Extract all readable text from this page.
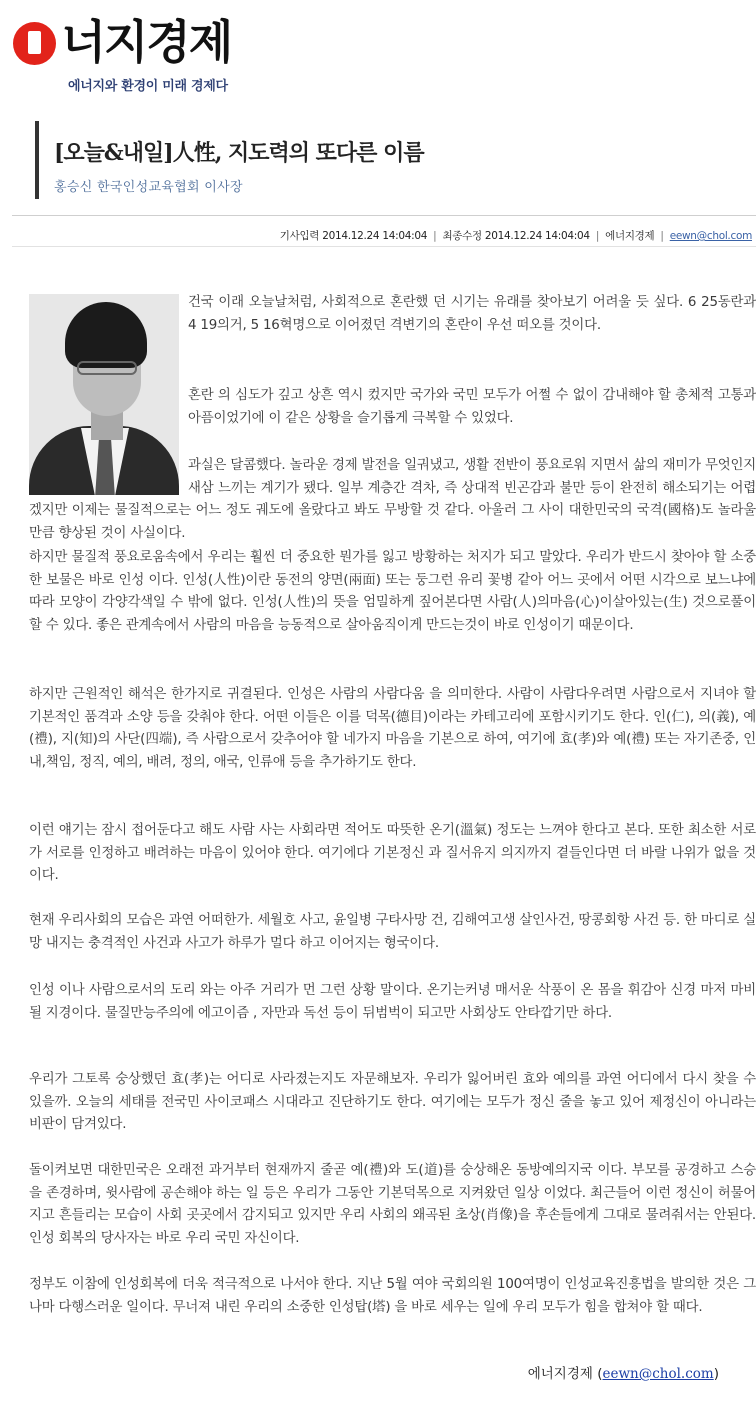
너지경제
에너지와 환경이 미래 경제다
[오늘&내일]人性, 지도력의 또다른 이름
홍승신 한국인성교육협회 이사장
기사입력 2014.12.24 14:04:04 | 최종수정 2014.12.24 14:04:04 | 에너지경제 | eewn@chol.com

건국 이래 오늘날처럼, 사회적으로 혼란했 던 시기는 유래를 찾아보기 어려울 듯 싶다. 6 25동란과 4 19의거, 5 16혁명으로 이어졌던 격변기의 혼란이 우선 떠오를 것이다.

혼란 의 심도가 깊고 상흔 역시 컸지만 국가와 국민 모두가 어쩔 수 없이 감내해야 할 총체적 고통과아픔이었기에 이 같은 상황을 슬기롭게 극복할 수 있었다.

과실은 달콤했다. 놀라운 경제 발전을 일궈냈고, 생활 전반이 풍요로워 지면서 삶의 재미가 무엇인지 새삼 느끼는 계기가 됐다. 일부 계층간 격차, 즉 상대적 빈곤감과 불만 등이 완전히 해소되기는 어렵겠지만 이제는 물질적으로는 어느 정도 궤도에 올랐다고 봐도 무방할 것 같다. 아울러 그 사이 대한민국의 국격(國格)도 놀라울 만큼 향상된 것이 사실이다.

하지만 물질적 풍요로움속에서 우리는 훨씬 더 중요한 뭔가를 잃고 방황하는 처지가 되고 말았다. 우리가 반드시 찾아야 할 소중한 보물은 바로 인성 이다. 인성(人性)이란 동전의 양면(兩面) 또는 둥그런 유리 꽃병 같아 어느 곳에서 어떤 시각으로 보느냐에 따라 모양이 각양각색일 수 밖에 없다. 인성(人性)의 뜻을 엄밀하게 짚어본다면 사람(人)의마음(心)이살아있는(生) 것으로풀이할 수 있다. 좋은 관계속에서 사람의 마음을 능동적으로 살아움직이게 만드는것이 바로 인성이기 때문이다.

하지만 근원적인 해석은 한가지로 귀결된다. 인성은 사람의 사람다움 을 의미한다. 사람이 사람다우려면 사람으로서 지녀야 할 기본적인 품격과 소양 등을 갖춰야 한다. 어떤 이들은 이를 덕목(德目)이라는 카테고리에 포함시키기도 한다. 인(仁), 의(義), 예(禮), 지(知)의 사단(四端), 즉 사람으로서 갖추어야 할 네가지 마음을 기본으로 하여, 여기에 효(孝)와 예(禮) 또는 자기존중, 인내,책임, 정직, 예의, 배려, 정의, 애국, 인류애 등을 추가하기도 한다.

이런 얘기는 잠시 접어둔다고 해도 사람 사는 사회라면 적어도 따뜻한 온기(溫氣) 정도는 느껴야 한다고 본다. 또한 최소한 서로가 서로를 인정하고 배려하는 마음이 있어야 한다. 여기에다 기본정신 과 질서유지 의지까지 곁들인다면 더 바랄 나위가 없을 것이다.

현재 우리사회의 모습은 과연 어떠한가. 세월호 사고, 윤일병 구타사망 건, 김해여고생 살인사건, 땅콩회항 사건 등. 한 마디로 실망 내지는 충격적인 사건과 사고가 하루가 멀다 하고 이어지는 형국이다.

인성 이나 사람으로서의 도리 와는 아주 거리가 먼 그런 상황 말이다. 온기는커녕 매서운 삭풍이 온 몸을 휘감아 신경 마저 마비될 지경이다. 물질만능주의에 에고이즘 , 자만과 독선 등이 뒤범벅이 되고만 사회상도 안타깝기만 하다.

우리가 그토록 숭상했던 효(孝)는 어디로 사라졌는지도 자문해보자. 우리가 잃어버린 효와 예의를 과연 어디에서 다시 찾을 수 있을까. 오늘의 세태를 전국민 사이코패스 시대라고 진단하기도 한다. 여기에는 모두가 정신 줄을 놓고 있어 제정신이 아니라는 비판이 담겨있다.

돌이켜보면 대한민국은 오래전 과거부터 현재까지 줄곧 예(禮)와 도(道)를 숭상해온 동방예의지국 이다. 부모를 공경하고 스승을 존경하며, 윗사람에 공손해야 하는 일 등은 우리가 그동안 기본덕목으로 지켜왔던 일상 이었다. 최근들어 이런 정신이 허물어지고 흔들리는 모습이 사회 곳곳에서 감지되고 있지만 우리 사회의 왜곡된 초상(肖像)을 후손들에게 그대로 물려줘서는 안된다. 인성 회복의 당사자는 바로 우리 국민 자신이다.

정부도 이참에 인성회복에 더욱 적극적으로 나서야 한다. 지난 5월 여야 국회의원 100여명이 인성교육진흥법을 발의한 것은 그나마 다행스러운 일이다. 무너져 내린 우리의 소중한 인성탑(塔) 을 바로 세우는 일에 우리 모두가 힘을 합쳐야 할 때다.

에너지경제 (eewn@chol.com)
